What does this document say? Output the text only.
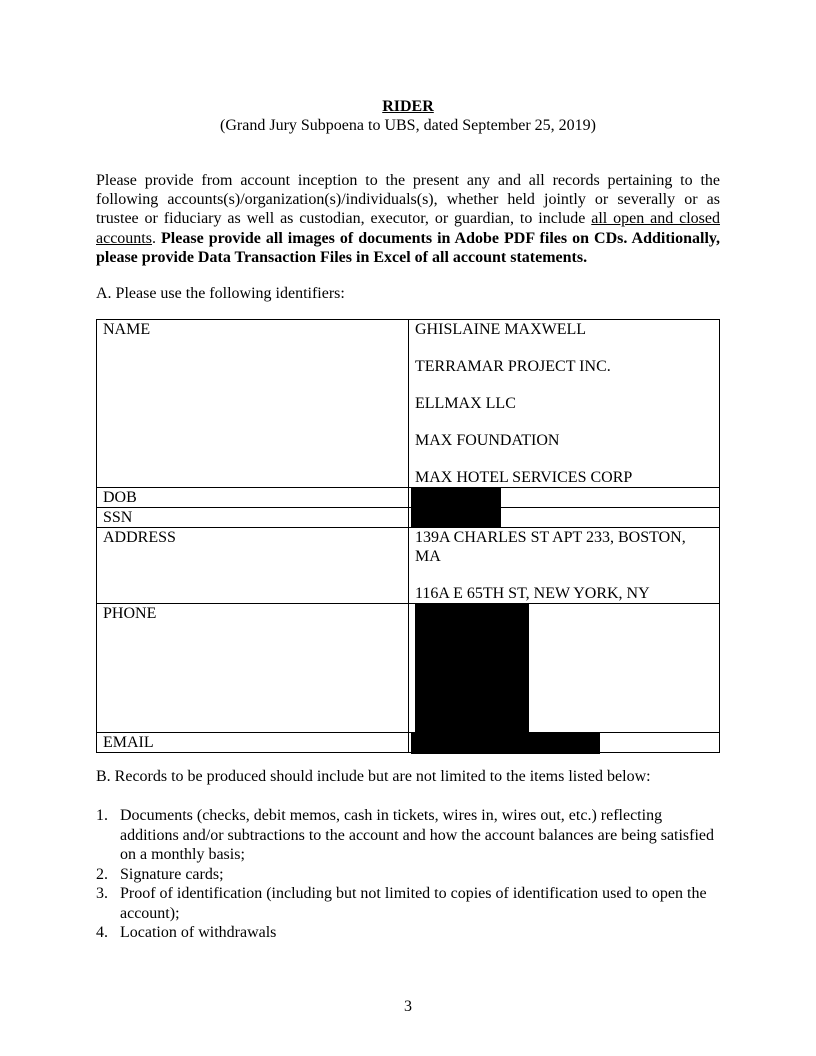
RIDER
(Grand Jury Subpoena to UBS, dated September 25, 2019)
Please provide from account inception to the present any and all records pertaining to the following accounts(s)/organization(s)/individuals(s), whether held jointly or severally or as trustee or fiduciary as well as custodian, executor, or guardian, to include all open and closed accounts. Please provide all images of documents in Adobe PDF files on CDs. Additionally, please provide Data Transaction Files in Excel of all account statements.
A. Please use the following identifiers:
NAME	GHISLAINE MAXWELL
TERRAMAR PROJECT INC.
ELLMAX LLC
MAX FOUNDATION
MAX HOTEL SERVICES CORP

DOB	

SSN	

ADDRESS	139A CHARLES ST APT 233, BOSTON, MA
116A E 65TH ST, NEW YORK, NY

PHONE	

EMAIL	
B. Records to be produced should include but are not limited to the items listed below:
1. Documents (checks, debit memos, cash in tickets, wires in, wires out, etc.) reflecting additions and/or subtractions to the account and how the account balances are being satisfied on a monthly basis;
2. Signature cards;
3. Proof of identification (including but not limited to copies of identification used to open the account);
4. Location of withdrawals
3
